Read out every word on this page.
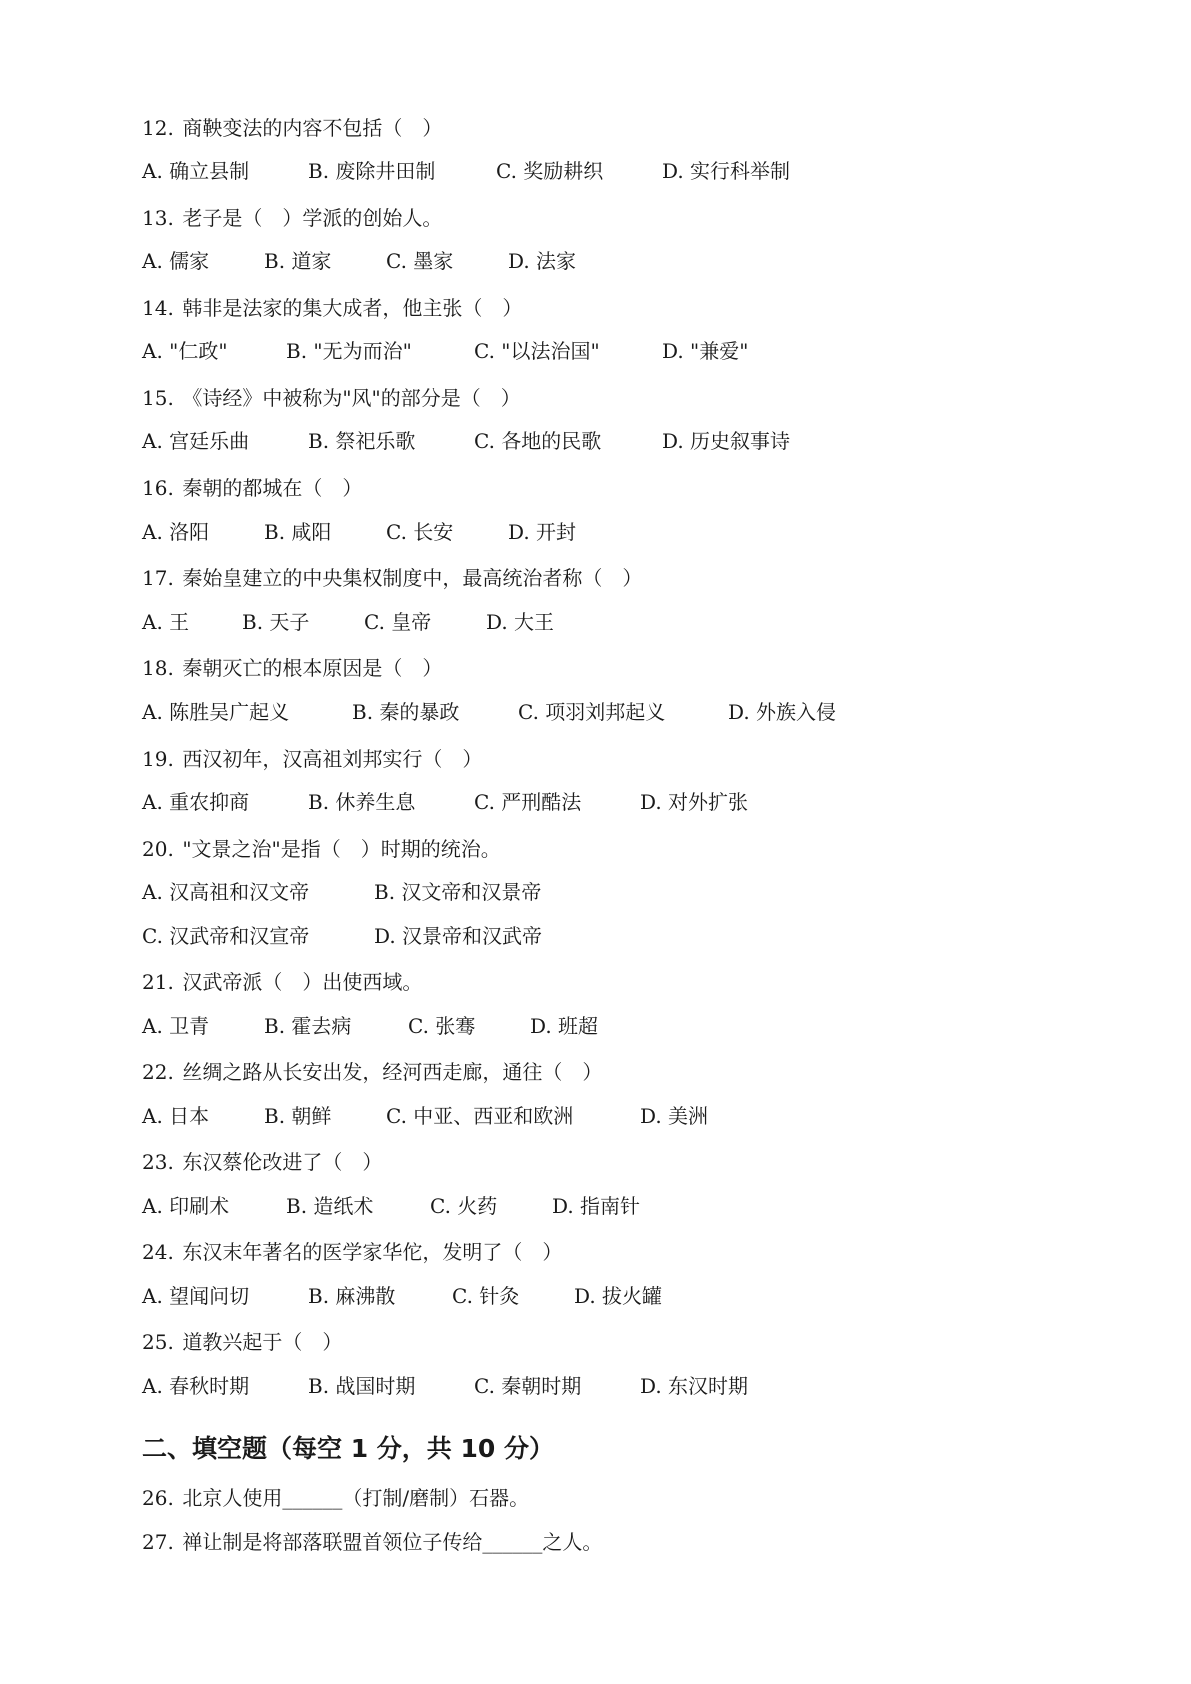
12. 商鞅变法的内容不包括（　）
A. 确立县制	B. 废除井田制	C. 奖励耕织	D. 实行科举制
13. 老子是（　）学派的创始人。
A. 儒家	B. 道家	C. 墨家	D. 法家
14. 韩非是法家的集大成者，他主张（　）
A. "仁政"	B. "无为而治"	C. "以法治国"	D. "兼爱"
15. 《诗经》中被称为"风"的部分是（　）
A. 宫廷乐曲	B. 祭祀乐歌	C. 各地的民歌	D. 历史叙事诗
16. 秦朝的都城在（　）
A. 洛阳	B. 咸阳	C. 长安	D. 开封
17. 秦始皇建立的中央集权制度中，最高统治者称（　）
A. 王	B. 天子	C. 皇帝	D. 大王
18. 秦朝灭亡的根本原因是（　）
A. 陈胜吴广起义	B. 秦的暴政	C. 项羽刘邦起义	D. 外族入侵
19. 西汉初年，汉高祖刘邦实行（　）
A. 重农抑商	B. 休养生息	C. 严刑酷法	D. 对外扩张
20. "文景之治"是指（　）时期的统治。
A. 汉高祖和汉文帝	B. 汉文帝和汉景帝
C. 汉武帝和汉宣帝	D. 汉景帝和汉武帝
21. 汉武帝派（　）出使西域。
A. 卫青	B. 霍去病	C. 张骞	D. 班超
22. 丝绸之路从长安出发，经河西走廊，通往（　）
A. 日本	B. 朝鲜	C. 中亚、西亚和欧洲	D. 美洲
23. 东汉蔡伦改进了（　）
A. 印刷术	B. 造纸术	C. 火药	D. 指南针
24. 东汉末年著名的医学家华佗，发明了（　）
A. 望闻问切	B. 麻沸散	C. 针灸	D. 拔火罐
25. 道教兴起于（　）
A. 春秋时期	B. 战国时期	C. 秦朝时期	D. 东汉时期
二、填空题（每空 1 分，共 10 分）
26. 北京人使用______（打制/磨制）石器。
27. 禅让制是将部落联盟首领位子传给______之人。
